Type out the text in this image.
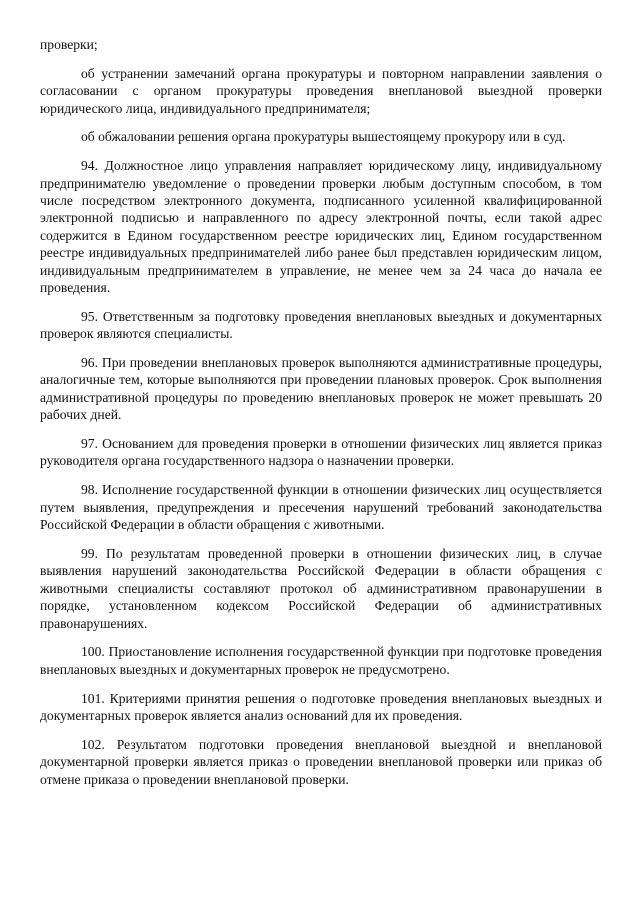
проверки;

об устранении замечаний органа прокуратуры и повторном направлении заявления о согласовании с органом прокуратуры проведения внеплановой выездной проверки юридического лица, индивидуального предпринимателя;

об обжаловании решения органа прокуратуры вышестоящему прокурору или в суд.

94. Должностное лицо управления направляет юридическому лицу, индивидуальному предпринимателю уведомление о проведении проверки любым доступным способом, в том числе посредством электронного документа, подписанного усиленной квалифицированной электронной подписью и направленного по адресу электронной почты, если такой адрес содержится в Едином государственном реестре юридических лиц, Едином государственном реестре индивидуальных предпринимателей либо ранее был представлен юридическим лицом, индивидуальным предпринимателем в управление, не менее чем за 24 часа до начала ее проведения.

95. Ответственным за подготовку проведения внеплановых выездных и документарных проверок являются специалисты.

96. При проведении внеплановых проверок выполняются административные процедуры, аналогичные тем, которые выполняются при проведении плановых проверок. Срок выполнения административной процедуры по проведению внеплановых проверок не может превышать 20 рабочих дней.

97. Основанием для проведения проверки в отношении физических лиц является приказ руководителя органа государственного надзора о назначении проверки.

98. Исполнение государственной функции в отношении физических лиц осуществляется путем выявления, предупреждения и пресечения нарушений требований законодательства Российской Федерации в области обращения с животными.

99. По результатам проведенной проверки в отношении физических лиц, в случае выявления нарушений законодательства Российской Федерации в области обращения с животными специалисты составляют протокол об административном правонарушении в порядке, установленном кодексом Российской Федерации об административных правонарушениях.

100. Приостановление исполнения государственной функции при подготовке проведения внеплановых выездных и документарных проверок не предусмотрено.

101. Критериями принятия решения о подготовке проведения внеплановых выездных и документарных проверок является анализ оснований для их проведения.

102. Результатом подготовки проведения внеплановой выездной и внеплановой документарной проверки является приказ о проведении внеплановой проверки или приказ об отмене приказа о проведении внеплановой проверки.
